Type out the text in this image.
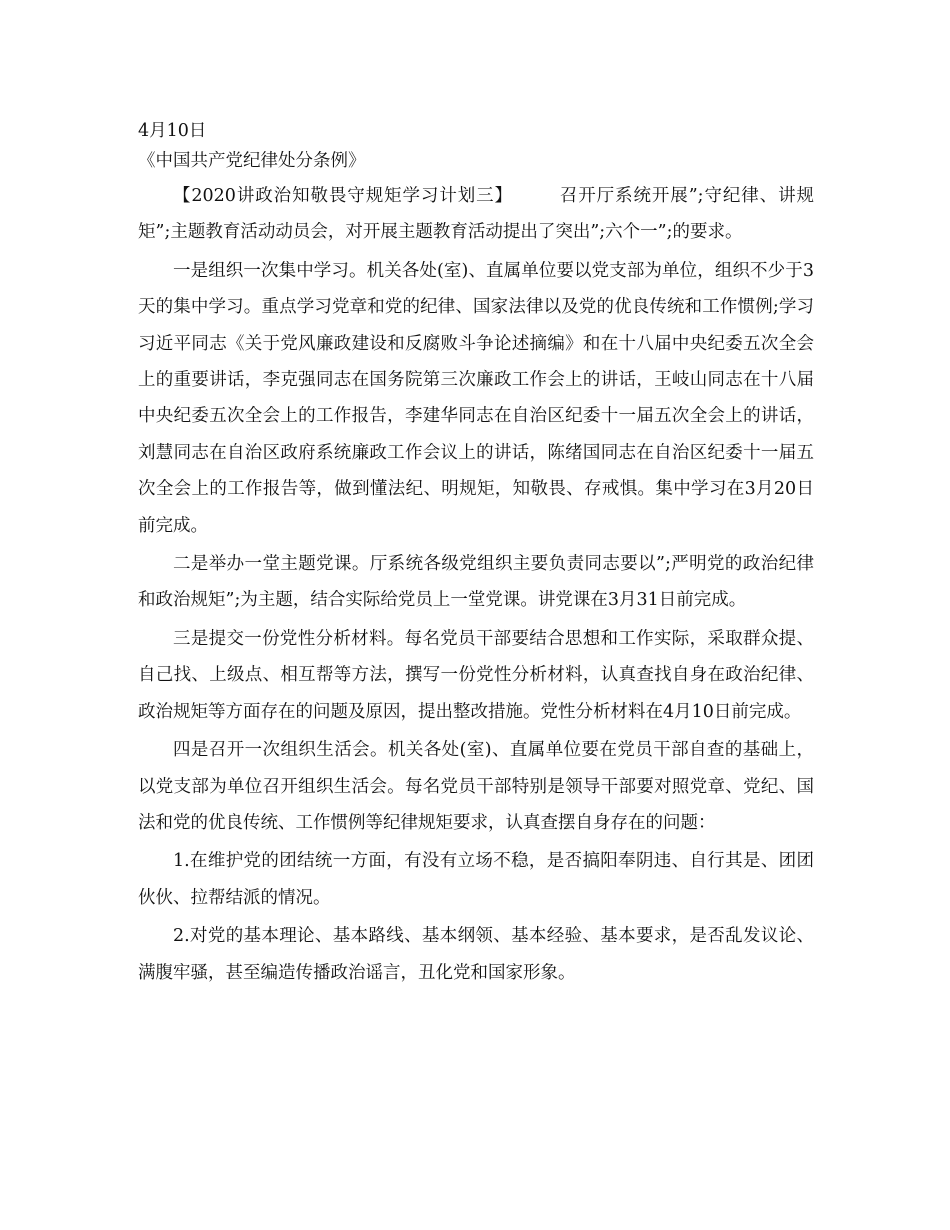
4月10日

《中国共产党纪律处分条例》

【2020讲政治知敬畏守规矩学习计划三】	召开厅系统开展”;守纪律、讲规矩”;主题教育活动动员会，对开展主题教育活动提出了突出”;六个一”;的要求。

一是组织一次集中学习。机关各处(室)、直属单位要以党支部为单位，组织不少于3天的集中学习。重点学习党章和党的纪律、国家法律以及党的优良传统和工作惯例;学习习近平同志《关于党风廉政建设和反腐败斗争论述摘编》和在十八届中央纪委五次全会上的重要讲话，李克强同志在国务院第三次廉政工作会上的讲话，王岐山同志在十八届中央纪委五次全会上的工作报告，李建华同志在自治区纪委十一届五次全会上的讲话，刘慧同志在自治区政府系统廉政工作会议上的讲话，陈绪国同志在自治区纪委十一届五次全会上的工作报告等，做到懂法纪、明规矩，知敬畏、存戒惧。集中学习在3月20日前完成。

二是举办一堂主题党课。厅系统各级党组织主要负责同志要以”;严明党的政治纪律和政治规矩”;为主题，结合实际给党员上一堂党课。讲党课在3月31日前完成。

三是提交一份党性分析材料。每名党员干部要结合思想和工作实际，采取群众提、自己找、上级点、相互帮等方法，撰写一份党性分析材料，认真查找自身在政治纪律、政治规矩等方面存在的问题及原因，提出整改措施。党性分析材料在4月10日前完成。

四是召开一次组织生活会。机关各处(室)、直属单位要在党员干部自查的基础上，以党支部为单位召开组织生活会。每名党员干部特别是领导干部要对照党章、党纪、国法和党的优良传统、工作惯例等纪律规矩要求，认真查摆自身存在的问题：

1.在维护党的团结统一方面，有没有立场不稳，是否搞阳奉阴违、自行其是、团团伙伙、拉帮结派的情况。

2.对党的基本理论、基本路线、基本纲领、基本经验、基本要求，是否乱发议论、满腹牢骚，甚至编造传播政治谣言，丑化党和国家形象。
